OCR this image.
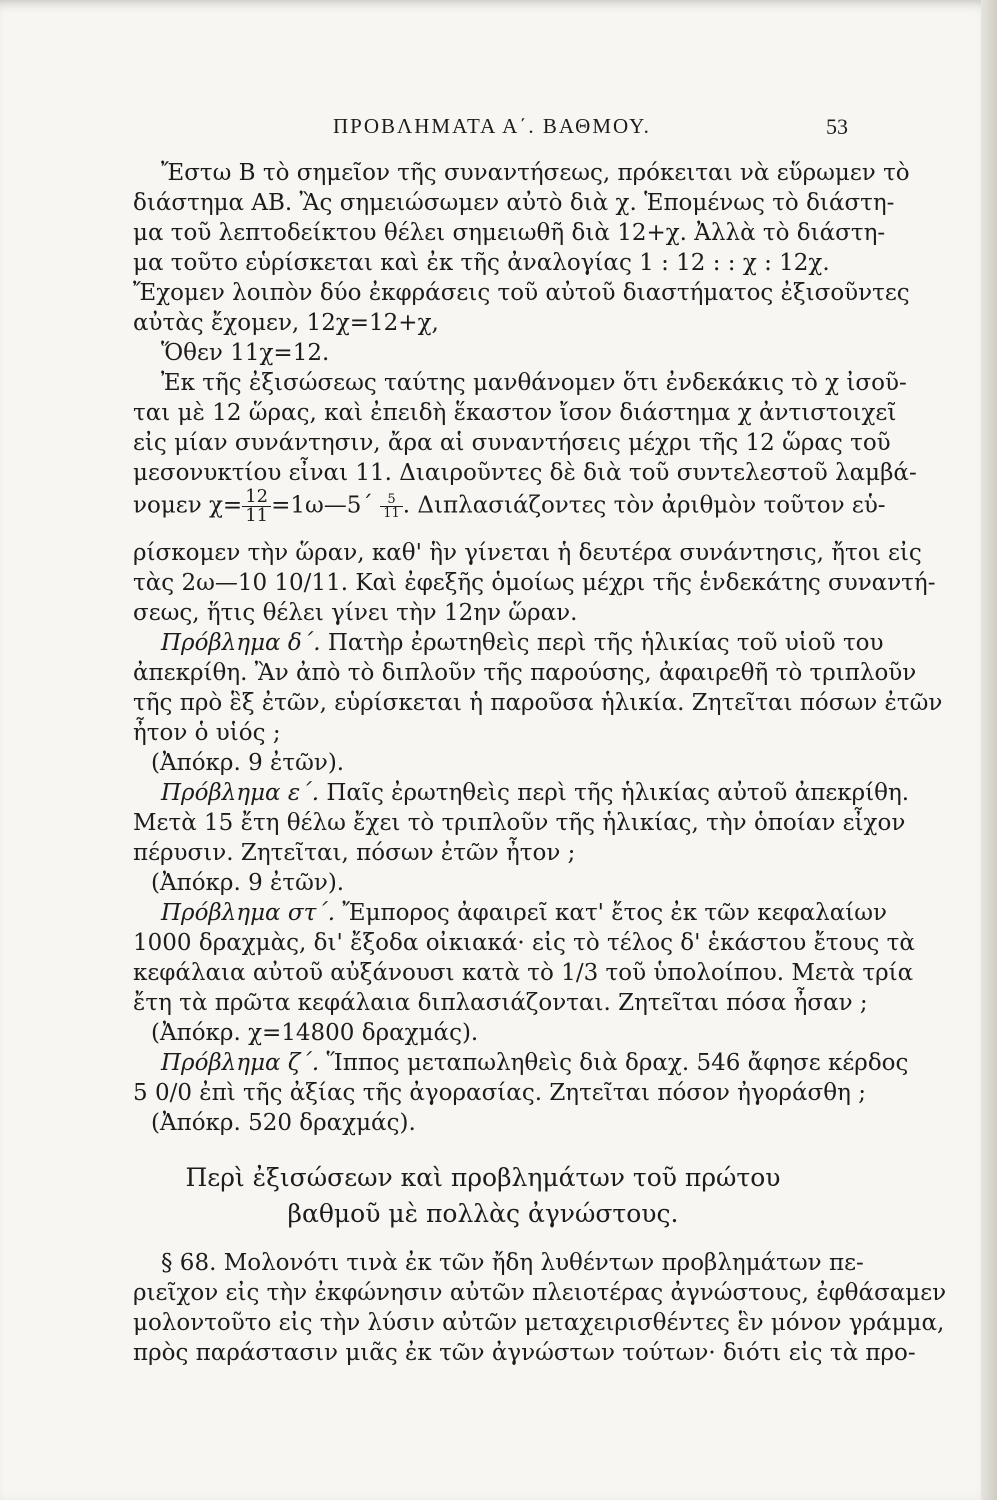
ΠΡΟΒΛΗΜΑΤΑ Α΄. ΒΑΘΜΟΥ.	53
Ἔστω Β τὸ σημεῖον τῆς συναντήσεως, πρόκειται νὰ εὕρωμεν τὸ
διάστημα ΑΒ. Ἂς σημειώσωμεν αὐτὸ διὰ χ. Ἑπομένως τὸ διάστη-
μα τοῦ λεπτοδείκτου θέλει σημειωθῆ διὰ 12+χ. Ἀλλὰ τὸ διάστη-
μα τοῦτο εὑρίσκεται καὶ ἐκ τῆς ἀναλογίας 1 : 12 : : χ : 12χ.
Ἔχομεν λοιπὸν δύο ἐκφράσεις τοῦ αὐτοῦ διαστήματος ἐξισοῦντες
αὐτὰς ἔχομεν, 12χ=12+χ,
Ὅθεν 11χ=12.
Ἐκ τῆς ἐξισώσεως ταύτης μανθάνομεν ὅτι ἐνδεκάκις τὸ χ ἰσοῦ-
ται μὲ 12 ὥρας, καὶ ἐπειδὴ ἕκαστον ἴσον διάστημα χ ἀντιστοιχεῖ
εἰς μίαν συνάντησιν, ἄρα αἱ συναντήσεις μέχρι τῆς 12 ὥρας τοῦ
μεσονυκτίου εἶναι 11. Διαιροῦντες δὲ διὰ τοῦ συντελεστοῦ λαμβά-
νομεν $\chi= \frac{12}{11}$ =1ω—5΄ $\frac{5}{11}$ . Διπλασιάζοντες τὸν ἀριθμὸν τοῦτον εὑ-
ρίσκομεν τὴν ὥραν, καθ' ἣν γίνεται ἡ δευτέρα συνάντησις, ἤτοι εἰς
τὰς 2ω—10 10/11. Καὶ ἐφεξῆς ὁμοίως μέχρι τῆς ἑνδεκάτης συναντή-
σεως, ἥτις θέλει γίνει τὴν 12ην ὥραν.
Πρόβλημα δ΄. Πατὴρ ἐρωτηθεὶς περὶ τῆς ἡλικίας τοῦ υἱοῦ του
ἀπεκρίθη. Ἂν ἀπὸ τὸ διπλοῦν τῆς παρούσης, ἀφαιρεθῆ τὸ τριπλοῦν
τῆς πρὸ ἓξ ἐτῶν, εὑρίσκεται ἡ παροῦσα ἡλικία. Ζητεῖται πόσων ἐτῶν
ἦτον ὁ υἱός ;
(Ἀπόκρ. 9 ἐτῶν).
Πρόβλημα ε΄. Παῖς ἐρωτηθεὶς περὶ τῆς ἡλικίας αὐτοῦ ἀπεκρίθη.
Μετὰ 15 ἔτη θέλω ἔχει τὸ τριπλοῦν τῆς ἡλικίας, τὴν ὁποίαν εἶχον
πέρυσιν. Ζητεῖται, πόσων ἐτῶν ἦτον ;
(Ἀπόκρ. 9 ἐτῶν).
Πρόβλημα στ΄. Ἔμπορος ἀφαιρεῖ κατ' ἔτος ἐκ τῶν κεφαλαίων
1000 δραχμὰς, δι' ἔξοδα οἰκιακά· εἰς τὸ τέλος δ' ἑκάστου ἔτους τὰ
κεφάλαια αὐτοῦ αὐξάνουσι κατὰ τὸ 1/3 τοῦ ὑπολοίπου. Μετὰ τρία
ἔτη τὰ πρῶτα κεφάλαια διπλασιάζονται. Ζητεῖται πόσα ἦσαν ;
(Ἀπόκρ. χ=14800 δραχμάς).
Πρόβλημα ζ΄. Ἵππος μεταπωληθεὶς διὰ δραχ. 546 ἄφησε κέρδος
5 0/0 ἐπὶ τῆς ἀξίας τῆς ἀγορασίας. Ζητεῖται πόσον ἠγοράσθη ;
(Ἀπόκρ. 520 δραχμάς).
Περὶ ἐξισώσεων καὶ προβλημάτων τοῦ πρώτου
βαθμοῦ μὲ πολλὰς ἀγνώστους.
§ 68. Μολονότι τινὰ ἐκ τῶν ἤδη λυθέντων προβλημάτων πε-
ριεῖχον εἰς τὴν ἐκφώνησιν αὐτῶν πλειοτέρας ἀγνώστους, ἐφθάσαμεν
μολοντοῦτο εἰς τὴν λύσιν αὐτῶν μεταχειρισθέντες ἓν μόνον γράμμα,
πρὸς παράστασιν μιᾶς ἐκ τῶν ἀγνώστων τούτων· διότι εἰς τὰ προ-
